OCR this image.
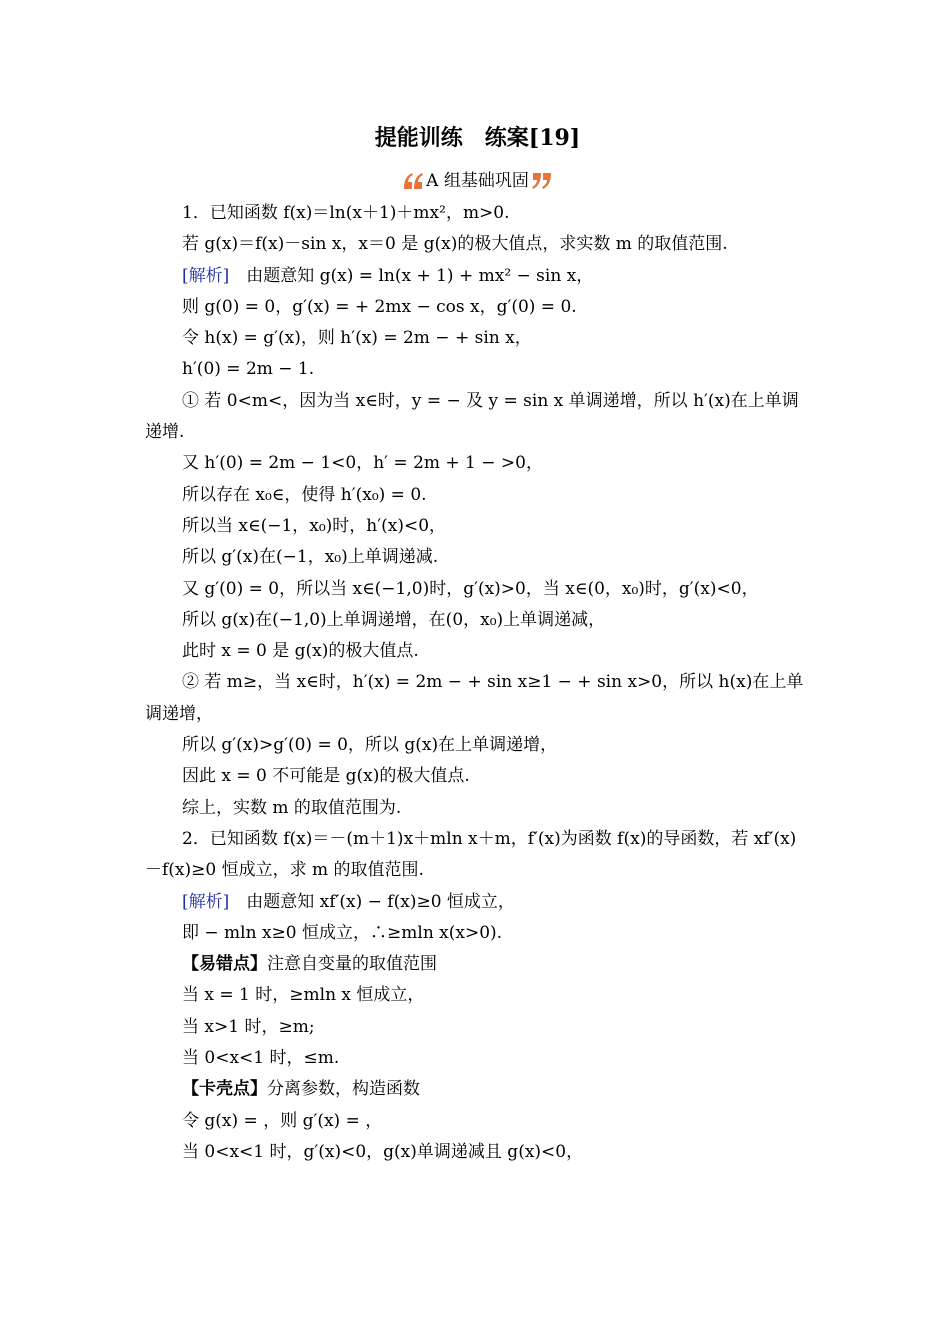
提能训练　练案[19]
A 组基础巩固
1．已知函数 f(x)＝ln(x＋1)＋mx²，m>0.
若 g(x)＝f(x)－sin x，x＝0 是 g(x)的极大值点，求实数 m 的取值范围.
[解析]　 由题意知 g(x) = ln(x + 1) + mx² − sin x，
则 g(0) = 0，g′(x) = + 2mx − cos x，g′(0) = 0.
令 h(x) = g′(x)，则 h′(x) = 2m − + sin x，
h′(0) = 2m − 1.
① 若 0<m<，因为当 x∈时，y = − 及 y = sin x 单调递增，所以 h′(x)在上单调递增.
又 h′(0) = 2m − 1<0，h′ = 2m + 1 − >0，
所以存在 x₀∈，使得 h′(x₀) = 0.
所以当 x∈(−1，x₀)时，h′(x)<0，
所以 g′(x)在(−1，x₀)上单调递减.
又 g′(0) = 0，所以当 x∈(−1,0)时，g′(x)>0，当 x∈(0，x₀)时，g′(x)<0，
所以 g(x)在(−1,0)上单调递增，在(0，x₀)上单调递减，
此时 x = 0 是 g(x)的极大值点.
② 若 m≥，当 x∈时，h′(x) = 2m − + sin x≥1 − + sin x>0，所以 h(x)在上单调递增，
所以 g′(x)>g′(0) = 0，所以 g(x)在上单调递增，
因此 x = 0 不可能是 g(x)的极大值点.
综上，实数 m 的取值范围为.
2．已知函数 f(x)＝－(m＋1)x＋mln x＋m，f′(x)为函数 f(x)的导函数，若 xf′(x)－f(x)≥0 恒成立，求 m 的取值范围.
[解析]　 由题意知 xf′(x) − f(x)≥0 恒成立，
即 − mln x≥0 恒成立，∴≥mln x(x>0).
【易错点】注意自变量的取值范围
当 x = 1 时，≥mln x 恒成立，
当 x>1 时，≥m;
当 0<x<1 时，≤m.
【卡壳点】分离参数，构造函数
令 g(x) = ，则 g′(x) = ，
当 0<x<1 时，g′(x)<0，g(x)单调递减且 g(x)<0，
